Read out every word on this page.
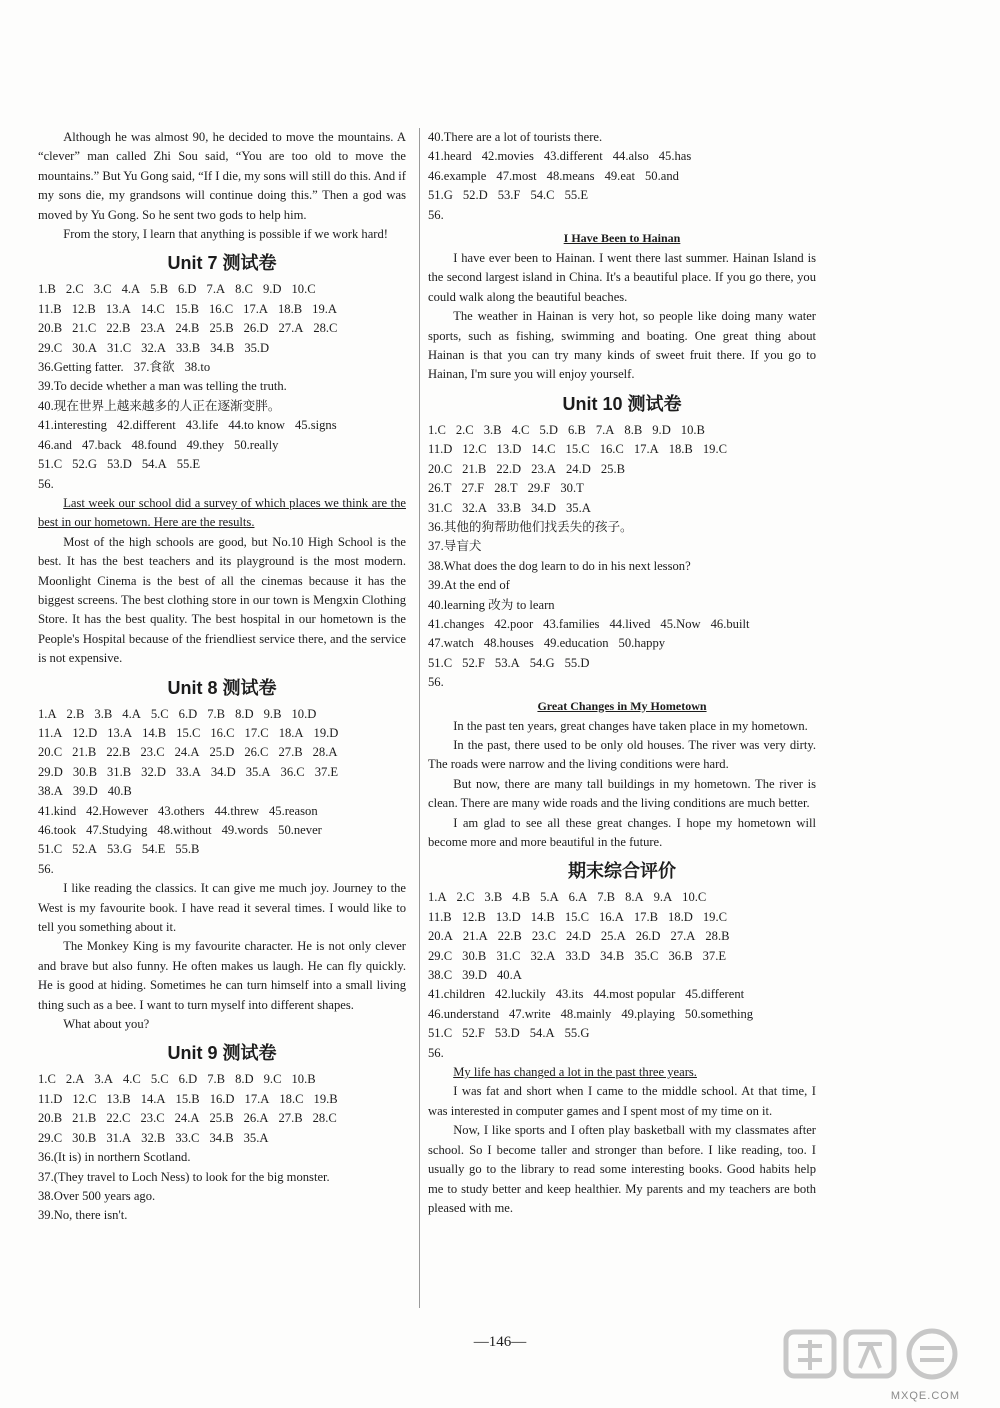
Although he was almost 90, he decided to move the mountains. A “clever” man called Zhi Sou said, “You are too old to move the mountains.” But Yu Gong said, “If I die, my sons will still do this. And if my sons die, my grandsons will continue doing this.” Then a god was moved by Yu Gong. So he sent two gods to help him.

From the story, I learn that anything is possible if we work hard!

Unit 7 测试卷

1.B 2.C 3.C 4.A 5.B 6.D 7.A 8.C 9.D 10.C

11.B 12.B 13.A 14.C 15.B 16.C 17.A 18.B 19.A

20.B 21.C 22.B 23.A 24.B 25.B 26.D 27.A 28.C

29.C 30.A 31.C 32.A 33.B 34.B 35.D

36.Getting fatter. 37.食欲 38.to

39.To decide whether a man was telling the truth.

40.现在世界上越来越多的人正在逐渐变胖。

41.interesting 42.different 43.life 44.to know 45.signs

46.and 47.back 48.found 49.they 50.really

51.C 52.G 53.D 54.A 55.E

56.

Last week our school did a survey of which places we think are the best in our hometown. Here are the results.

Most of the high schools are good, but No.10 High School is the best. It has the best teachers and its playground is the most modern. Moonlight Cinema is the best of all the cinemas because it has the biggest screens. The best clothing store in our town is Mengxin Clothing Store. It has the best quality. The best hospital in our hometown is the People's Hospital because of the friendliest service there, and the service is not expensive.

Unit 8 测试卷

1.A 2.B 3.B 4.A 5.C 6.D 7.B 8.D 9.B 10.D

11.A 12.D 13.A 14.B 15.C 16.C 17.C 18.A 19.D

20.C 21.B 22.B 23.C 24.A 25.D 26.C 27.B 28.A

29.D 30.B 31.B 32.D 33.A 34.D 35.A 36.C 37.E

38.A 39.D 40.B

41.kind 42.However 43.others 44.threw 45.reason

46.took 47.Studying 48.without 49.words 50.never

51.C 52.A 53.G 54.E 55.B

56.

I like reading the classics. It can give me much joy. Journey to the West is my favourite book. I have read it several times. I would like to tell you something about it.

The Monkey King is my favourite character. He is not only clever and brave but also funny. He often makes us laugh. He can fly quickly. He is good at hiding. Sometimes he can turn himself into a small living thing such as a bee. I want to turn myself into different shapes.

What about you?

Unit 9 测试卷

1.C 2.A 3.A 4.C 5.C 6.D 7.B 8.D 9.C 10.B

11.D 12.C 13.B 14.A 15.B 16.D 17.A 18.C 19.B

20.B 21.B 22.C 23.C 24.A 25.B 26.A 27.B 28.C

29.C 30.B 31.A 32.B 33.C 34.B 35.A

36.(It is) in northern Scotland.

37.(They travel to Loch Ness) to look for the big monster.

38.Over 500 years ago.

39.No, there isn't.

40.There are a lot of tourists there.

41.heard 42.movies 43.different 44.also 45.has

46.example 47.most 48.means 49.eat 50.and

51.G 52.D 53.F 54.C 55.E

56.

I Have Been to Hainan

I have ever been to Hainan. I went there last summer. Hainan Island is the second largest island in China. It's a beautiful place. If you go there, you could walk along the beautiful beaches.

The weather in Hainan is very hot, so people like doing many water sports, such as fishing, swimming and boating. One great thing about Hainan is that you can try many kinds of sweet fruit there. If you go to Hainan, I'm sure you will enjoy yourself.

Unit 10 测试卷

1.C 2.C 3.B 4.C 5.D 6.B 7.A 8.B 9.D 10.B

11.D 12.C 13.D 14.C 15.C 16.C 17.A 18.B 19.C

20.C 21.B 22.D 23.A 24.D 25.B

26.T 27.F 28.T 29.F 30.T

31.C 32.A 33.B 34.D 35.A

36.其他的狗帮助他们找丢失的孩子。

37.导盲犬

38.What does the dog learn to do in his next lesson?

39.At the end of

40.learning 改为 to learn

41.changes 42.poor 43.families 44.lived 45.Now 46.built

47.watch 48.houses 49.education 50.happy

51.C 52.F 53.A 54.G 55.D

56.

Great Changes in My Hometown

In the past ten years, great changes have taken place in my hometown.

In the past, there used to be only old houses. The river was very dirty. The roads were narrow and the living conditions were hard.

But now, there are many tall buildings in my hometown. The river is clean. There are many wide roads and the living conditions are much better.

I am glad to see all these great changes. I hope my hometown will become more and more beautiful in the future.

期末综合评价

1.A 2.C 3.B 4.B 5.A 6.A 7.B 8.A 9.A 10.C

11.B 12.B 13.D 14.B 15.C 16.A 17.B 18.D 19.C

20.A 21.A 22.B 23.C 24.D 25.A 26.D 27.A 28.B

29.C 30.B 31.C 32.A 33.D 34.B 35.C 36.B 37.E

38.C 39.D 40.A

41.children 42.luckily 43.its 44.most popular 45.different

46.understand 47.write 48.mainly 49.playing 50.something

51.C 52.F 53.D 54.A 55.G

56.

My life has changed a lot in the past three years.

I was fat and short when I came to the middle school. At that time, I was interested in computer games and I spent most of my time on it.

Now, I like sports and I often play basketball with my classmates after school. So I become taller and stronger than before. I like reading, too. I usually go to the library to read some interesting books. Good habits help me to study better and keep healthier. My parents and my teachers are both pleased with me.

—146—
MXQE.COM
